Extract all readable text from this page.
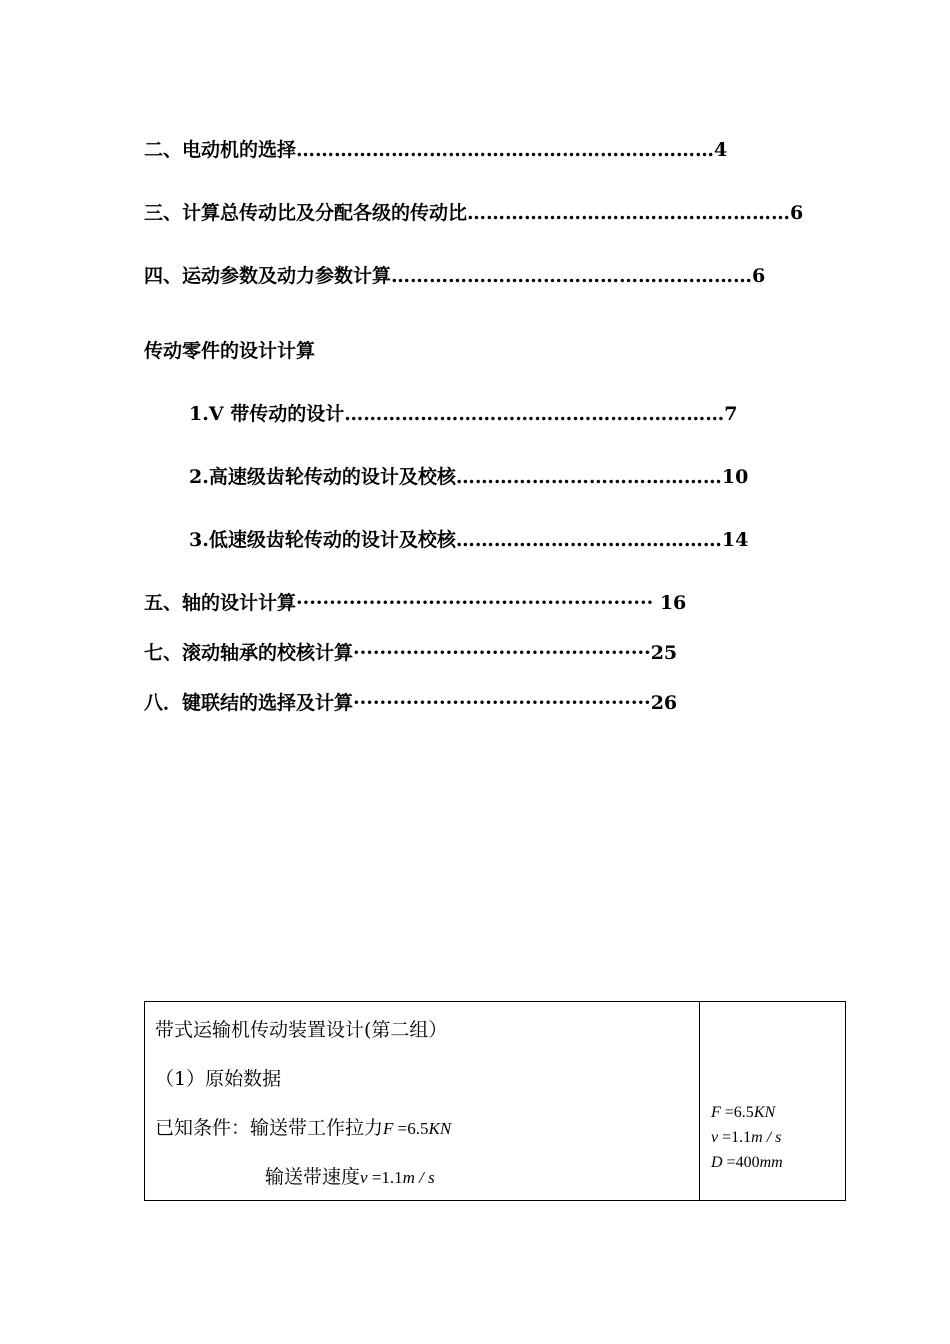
二、电动机的选择…………………………………………………………4
三、计算总传动比及分配各级的传动比……………………………………………6
四、运动参数及动力参数计算…………………………………………………6
传动零件的设计计算
1.V 带传动的设计……………………………………………………7
2.高速级齿轮传动的设计及校核……………………………………10
3.低速级齿轮传动的设计及校核……………………………………14
五、轴的设计计算······················································ 16
七、滚动轴承的校核计算·············································25
八．键联结的选择及计算·············································26
带式运输机传动装置设计(第二组）
（1）原始数据
已知条件：输送带工作拉力F =6.5KN
输送带速度v =1.1m / s
F =6.5KN
v =1.1m / s
D =400mm
